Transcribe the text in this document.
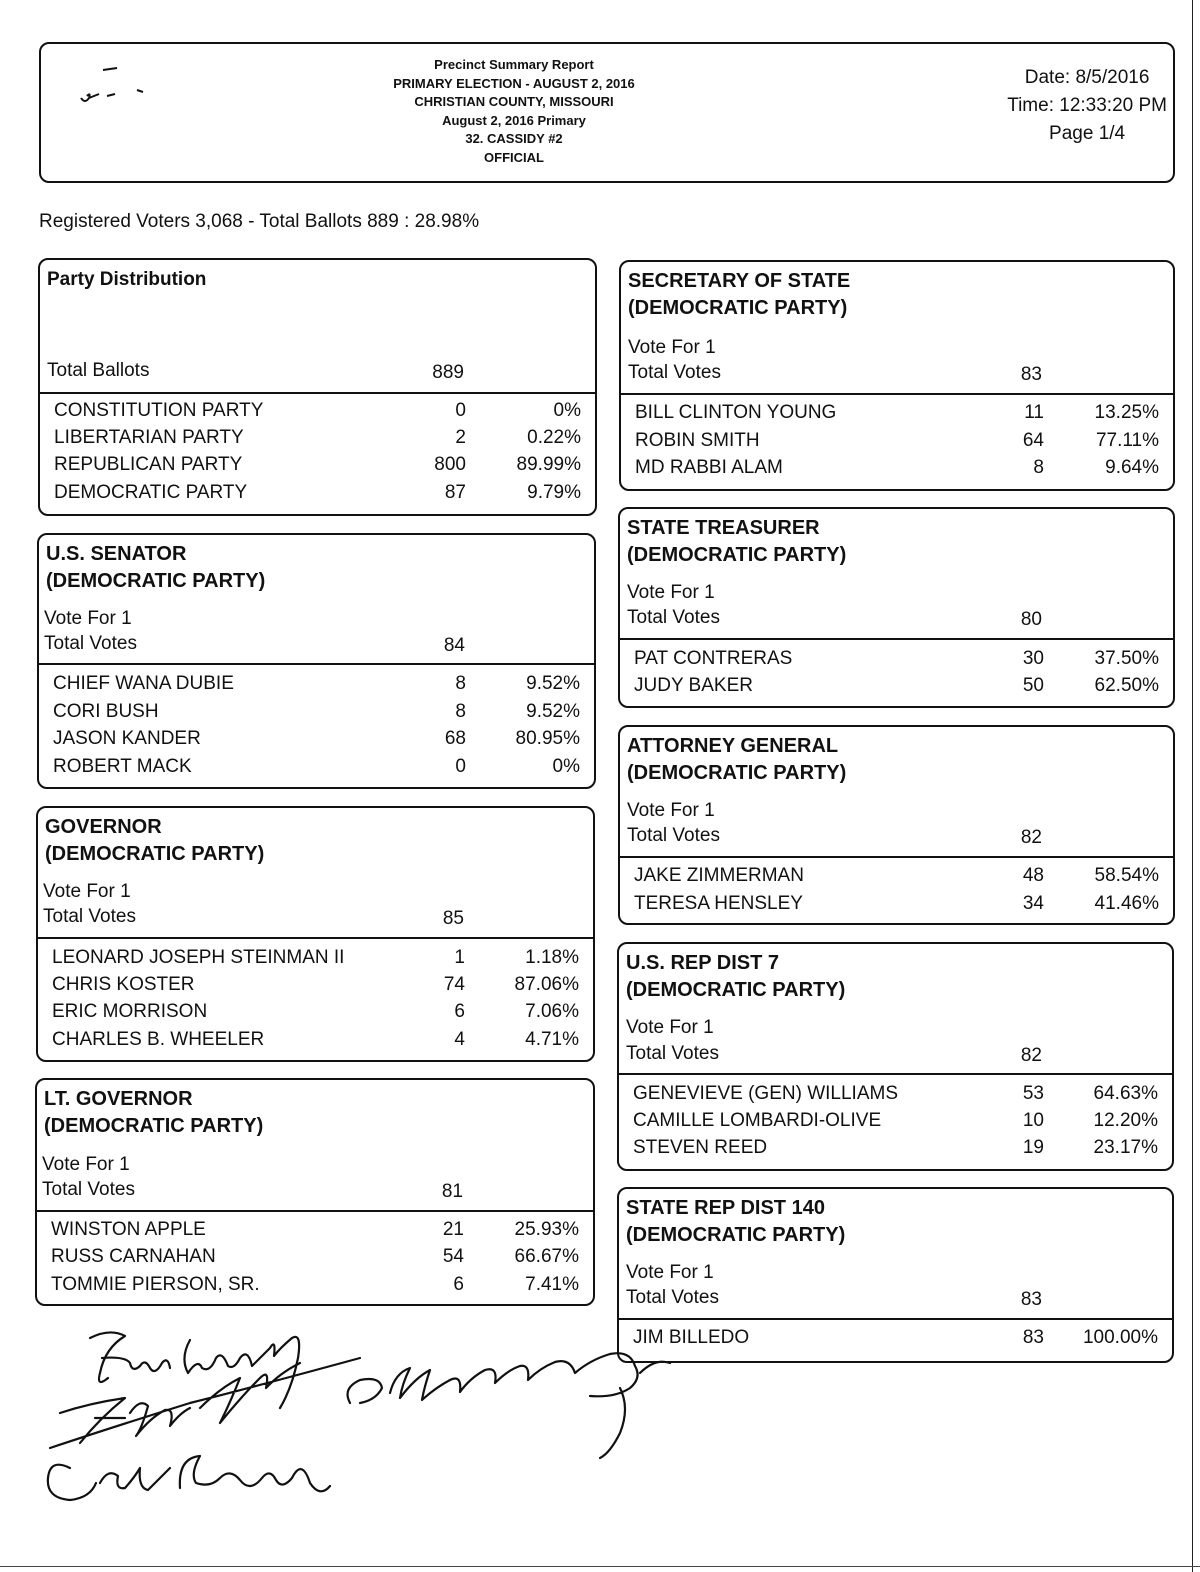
Precinct Summary Report
PRIMARY ELECTION - AUGUST 2, 2016
CHRISTIAN COUNTY, MISSOURI
August 2, 2016 Primary
32. CASSIDY #2
OFFICIAL
Date: 8/5/2016
Time: 12:33:20 PM
Page 1/4
Registered Voters 3,068 - Total Ballots 889 : 28.98%
Party Distribution
Total Ballots	889
CONSTITUTION PARTY	0	0%
LIBERTARIAN PARTY	2	0.22%
REPUBLICAN PARTY	800	89.99%
DEMOCRATIC PARTY	87	9.79%
U.S. SENATOR
(DEMOCRATIC PARTY)
Vote For 1
Total Votes	84
CHIEF WANA DUBIE	8	9.52%
CORI BUSH	8	9.52%
JASON KANDER	68	80.95%
ROBERT MACK	0	0%
GOVERNOR
(DEMOCRATIC PARTY)
Vote For 1
Total Votes	85
LEONARD JOSEPH STEINMAN II	1	1.18%
CHRIS KOSTER	74	87.06%
ERIC MORRISON	6	7.06%
CHARLES B. WHEELER	4	4.71%
LT. GOVERNOR
(DEMOCRATIC PARTY)
Vote For 1
Total Votes	81
WINSTON APPLE	21	25.93%
RUSS CARNAHAN	54	66.67%
TOMMIE PIERSON, SR.	6	7.41%
SECRETARY OF STATE
(DEMOCRATIC PARTY)
Vote For 1
Total Votes	83
BILL CLINTON YOUNG	11	13.25%
ROBIN SMITH	64	77.11%
MD RABBI ALAM	8	9.64%
STATE TREASURER
(DEMOCRATIC PARTY)
Vote For 1
Total Votes	80
PAT CONTRERAS	30	37.50%
JUDY BAKER	50	62.50%
ATTORNEY GENERAL
(DEMOCRATIC PARTY)
Vote For 1
Total Votes	82
JAKE ZIMMERMAN	48	58.54%
TERESA HENSLEY	34	41.46%
U.S. REP DIST 7
(DEMOCRATIC PARTY)
Vote For 1
Total Votes	82
GENEVIEVE (GEN) WILLIAMS	53	64.63%
CAMILLE LOMBARDI-OLIVE	10	12.20%
STEVEN REED	19	23.17%
STATE REP DIST 140
(DEMOCRATIC PARTY)
Vote For 1
Total Votes	83
JIM BILLEDO	83 100.00%
